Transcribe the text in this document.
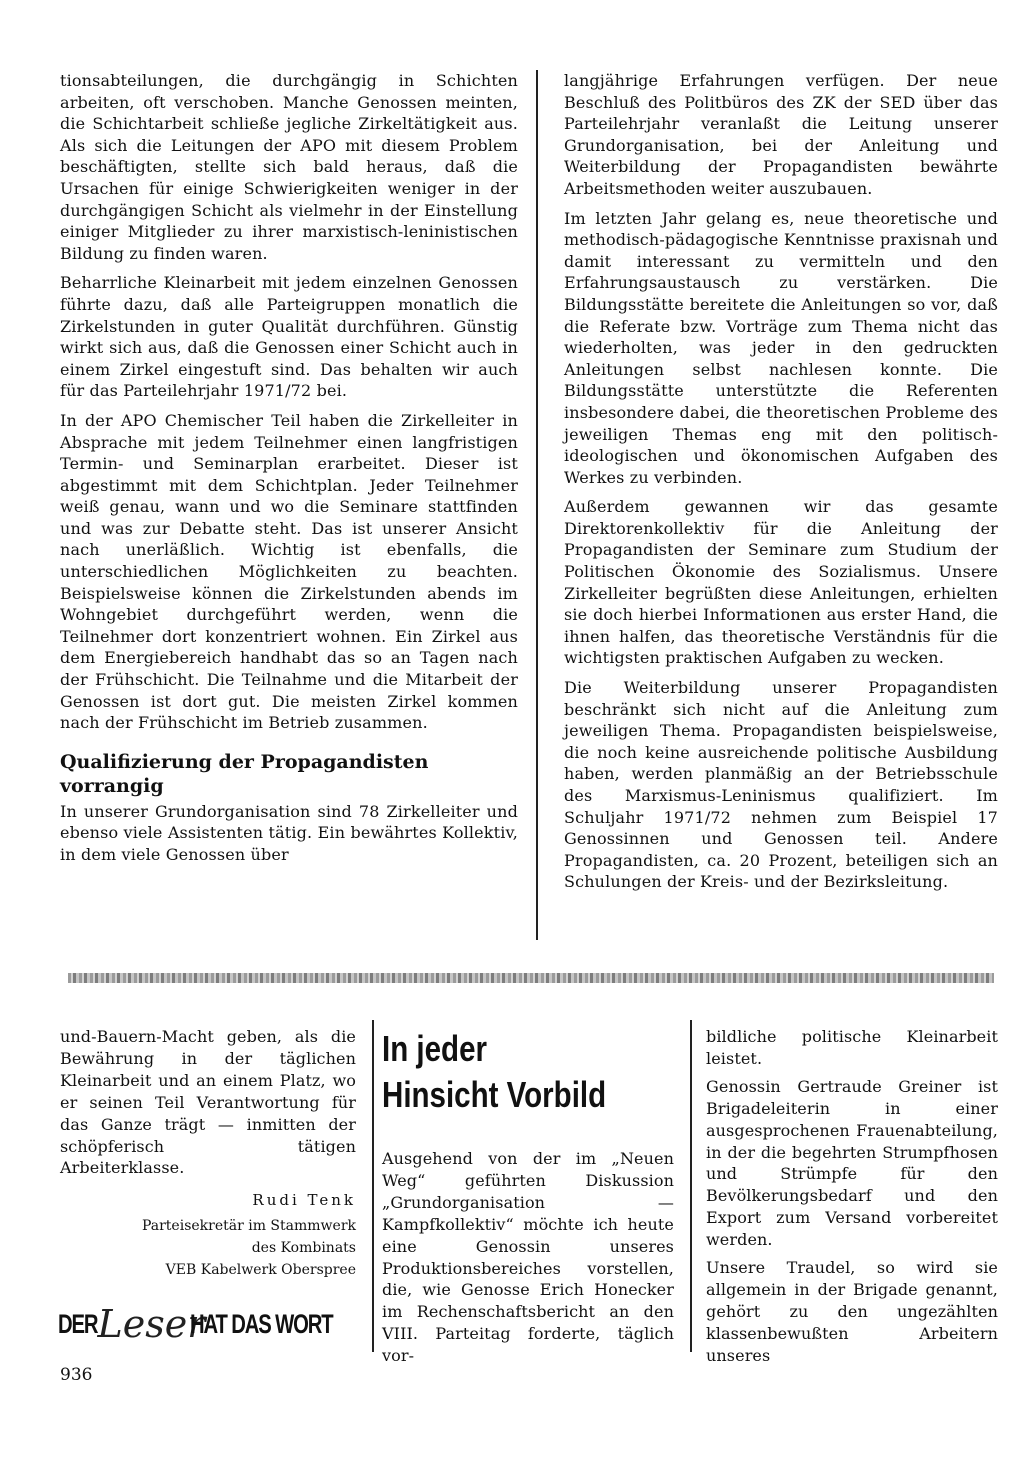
tionsabteilungen, die durchgängig in Schichten arbeiten, oft verschoben. Manche Genossen meinten, die Schichtarbeit schließe jegliche Zirkeltätigkeit aus. Als sich die Leitungen der APO mit diesem Problem beschäftigten, stellte sich bald heraus, daß die Ursachen für einige Schwierigkeiten weniger in der durchgängigen Schicht als vielmehr in der Einstellung einiger Mitglieder zu ihrer marxistisch-leninistischen Bildung zu finden waren.

Beharrliche Kleinarbeit mit jedem einzelnen Genossen führte dazu, daß alle Parteigruppen monatlich die Zirkelstunden in guter Qualität durchführen. Günstig wirkt sich aus, daß die Genossen einer Schicht auch in einem Zirkel eingestuft sind. Das behalten wir auch für das Parteilehrjahr 1971/72 bei.

In der APO Chemischer Teil haben die Zirkelleiter in Absprache mit jedem Teilnehmer einen langfristigen Termin- und Seminarplan erarbeitet. Dieser ist abgestimmt mit dem Schichtplan. Jeder Teilnehmer weiß genau, wann und wo die Seminare stattfinden und was zur Debatte steht. Das ist unserer Ansicht nach unerläßlich. Wichtig ist ebenfalls, die unterschiedlichen Möglichkeiten zu beachten. Beispielsweise können die Zirkelstunden abends im Wohngebiet durchgeführt werden, wenn die Teilnehmer dort konzentriert wohnen. Ein Zirkel aus dem Energiebereich handhabt das so an Tagen nach der Frühschicht. Die Teilnahme und die Mitarbeit der Genossen ist dort gut. Die meisten Zirkel kommen nach der Frühschicht im Betrieb zusammen.

Qualifizierung der Propagandisten vorrangig

In unserer Grundorganisation sind 78 Zirkelleiter und ebenso viele Assistenten tätig. Ein bewährtes Kollektiv, in dem viele Genossen über

langjährige Erfahrungen verfügen. Der neue Beschluß des Politbüros des ZK der SED über das Parteilehrjahr veranlaßt die Leitung unserer Grundorganisation, bei der Anleitung und Weiterbildung der Propagandisten bewährte Arbeitsmethoden weiter auszubauen.

Im letzten Jahr gelang es, neue theoretische und methodisch-pädagogische Kenntnisse praxisnah und damit interessant zu vermitteln und den Erfahrungsaustausch zu verstärken. Die Bildungsstätte bereitete die Anleitungen so vor, daß die Referate bzw. Vorträge zum Thema nicht das wiederholten, was jeder in den gedruckten Anleitungen selbst nachlesen konnte. Die Bildungsstätte unterstützte die Referenten insbesondere dabei, die theoretischen Probleme des jeweiligen Themas eng mit den politisch-ideologischen und ökonomischen Aufgaben des Werkes zu verbinden.

Außerdem gewannen wir das gesamte Direktorenkollektiv für die Anleitung der Propagandisten der Seminare zum Studium der Politischen Ökonomie des Sozialismus. Unsere Zirkelleiter begrüßten diese Anleitungen, erhielten sie doch hierbei Informationen aus erster Hand, die ihnen halfen, das theoretische Verständnis für die wichtigsten praktischen Aufgaben zu wecken.

Die Weiterbildung unserer Propagandisten beschränkt sich nicht auf die Anleitung zum jeweiligen Thema. Propagandisten beispielsweise, die noch keine ausreichende politische Ausbildung haben, werden planmäßig an der Betriebsschule des Marxismus-Leninismus qualifiziert. Im Schuljahr 1971/72 nehmen zum Beispiel 17 Genossinnen und Genossen teil. Andere Propagandisten, ca. 20 Prozent, beteiligen sich an Schulungen der Kreis- und der Bezirksleitung.

und-Bauern-Macht geben, als die Bewährung in der täglichen Kleinarbeit und an einem Platz, wo er seinen Teil Verantwortung für das Ganze trägt — inmitten der schöpferisch tätigen Arbeiterklasse.

Rudi Tenk
Parteisekretär im Stammwerk
des Kombinats
VEB Kabelwerk Oberspree
DER Leser
HAT DAS WORT
936
In jeder
Hinsicht Vorbild

Ausgehend von der im „Neuen Weg“ geführten Diskussion „Grundorganisation — Kampfkollektiv“ möchte ich heute eine Genossin unseres Produktionsbereiches vorstellen, die, wie Genosse Erich Honecker im Rechenschaftsbericht an den VIII. Parteitag forderte, täglich vor-

bildliche politische Kleinarbeit leistet.

Genossin Gertraude Greiner ist Brigadeleiterin in einer ausgesprochenen Frauenabteilung, in der die begehrten Strumpfhosen und Strümpfe für den Bevölkerungsbedarf und den Export zum Versand vorbereitet werden.

Unsere Traudel, so wird sie allgemein in der Brigade genannt, gehört zu den ungezählten klassenbewußten Arbeitern unseres
